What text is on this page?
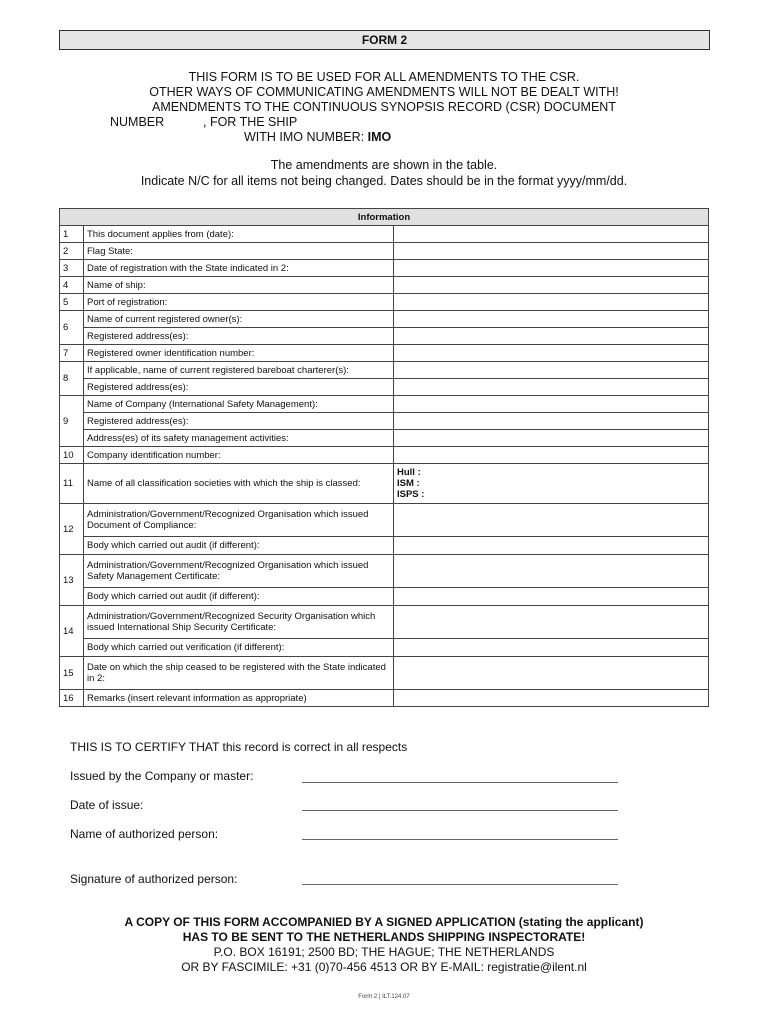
FORM 2
THIS FORM IS TO BE USED FOR ALL AMENDMENTS TO THE CSR.
OTHER WAYS OF COMMUNICATING AMENDMENTS WILL NOT BE DEALT WITH!
AMENDMENTS TO THE CONTINUOUS SYNOPSIS RECORD (CSR) DOCUMENT
NUMBER	, FOR THE SHIP
WITH IMO NUMBER: IMO
The amendments are shown in the table.
Indicate N/C for all items not being changed. Dates should be in the format yyyy/mm/dd.
Information		
1	This document applies from (date):	
2	Flag State:	
3	Date of registration with the State indicated in 2:	
4	Name of ship:	
5	Port of registration:	
6	Name of current registered owner(s):	
	Registered address(es):	
7	Registered owner identification number:	
8	If applicable, name of current registered bareboat charterer(s):	
	Registered address(es):	
9	Name of Company (International Safety Management):	
	Registered address(es):	
	Address(es) of its safety management activities:	
10	Company identification number:	
11	Name of all classification societies with which the ship is classed:	Hull :
ISM :
ISPS :

12	Administration/Government/Recognized Organisation which issued Document of Compliance:	
	Body which carried out audit (if different):	
13	Administration/Government/Recognized Organisation which issued Safety Management Certificate:	
	Body which carried out audit (if different):	
14	Administration/Government/Recognized Security Organisation which issued International Ship Security Certificate:	
	Body which carried out verification (if different):	
15	Date on which the ship ceased to be registered with the State indicated in 2:	
16	Remarks (insert relevant information as appropriate)	
THIS IS TO CERTIFY THAT this record is correct in all respects
Issued by the Company or master:
Date of issue:
Name of authorized person:
Signature of authorized person:
A COPY OF THIS FORM ACCOMPANIED BY A SIGNED APPLICATION (stating the applicant)
HAS TO BE SENT TO THE NETHERLANDS SHIPPING INSPECTORATE!
P.O. BOX 16191; 2500 BD; THE HAGUE; THE NETHERLANDS
OR BY FASCIMILE: +31 (0)70-456 4513 OR BY E-MAIL: registratie@ilent.nl
Form 2 | ILT.124.07
